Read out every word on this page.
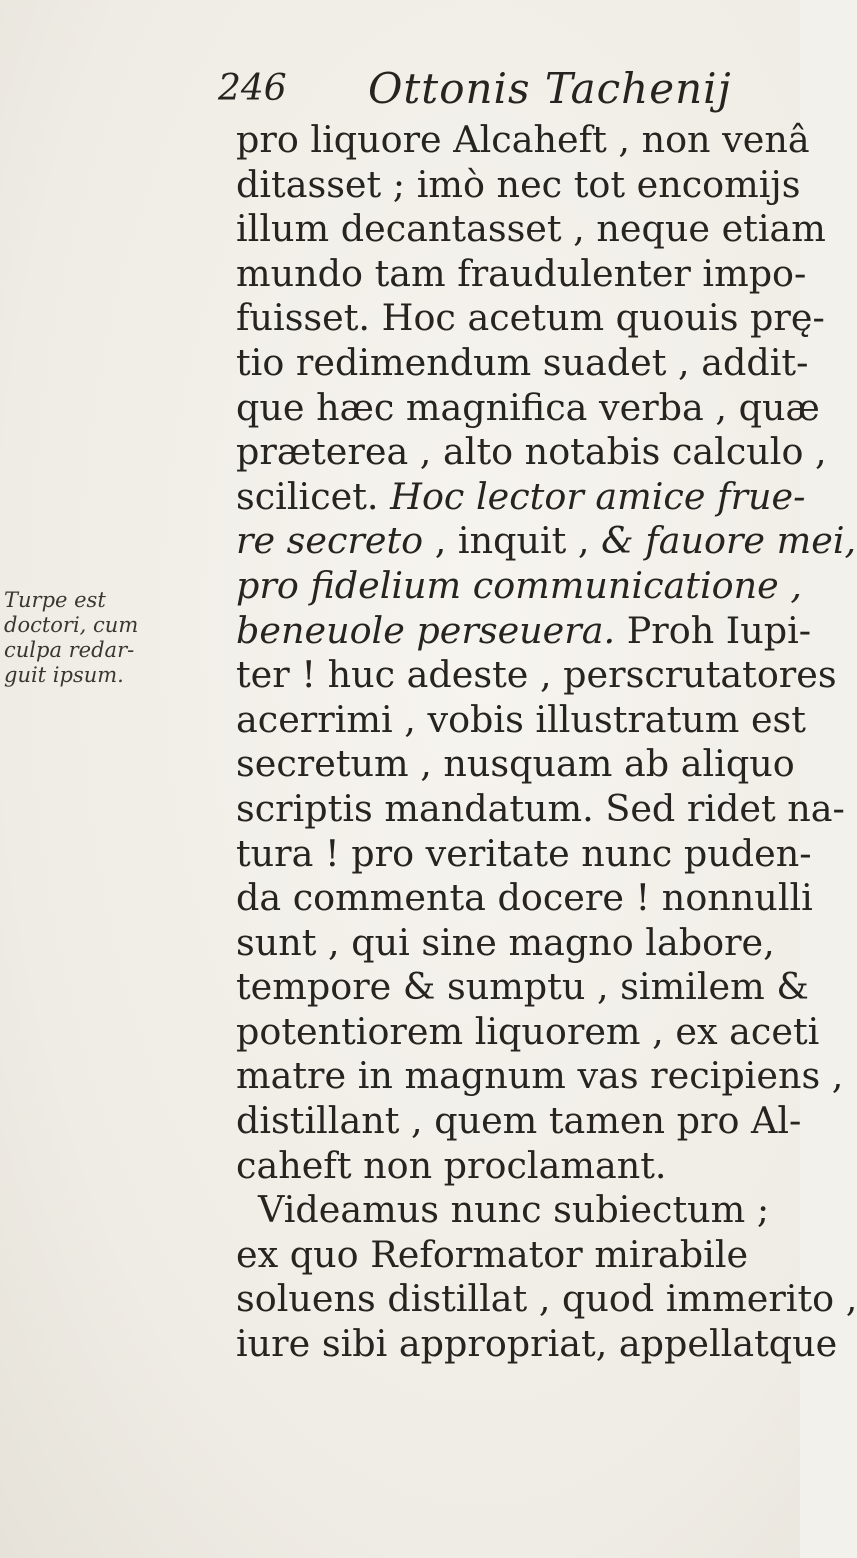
246 Ottonis Tachenij
Turpe est
doctori, cum
culpa redar-
guit ipsum.
pro liquore Alcaheft , non venâ
ditasset ; imò nec tot encomijs
illum decantasset , neque etiam
mundo tam fraudulenter impo-
fuisset. Hoc acetum quouis prę-
tio redimendum suadet , addit-
que hæc magnifica verba , quæ
præterea , alto notabis calculo ,
scilicet. Hoc lector amice frue-
re secreto , inquit , & fauore mei,
pro fidelium communicatione ,
beneuole perseuera. Proh Iupi-
ter ! huc adeste , perscrutatores
acerrimi , vobis illustratum est
secretum , nusquam ab aliquo
scriptis mandatum. Sed ridet na-
tura ! pro veritate nunc puden-
da commenta docere ! nonnulli
sunt , qui sine magno labore,
tempore & sumptu , similem &
potentiorem liquorem , ex aceti
matre in magnum vas recipiens ,
distillant , quem tamen pro Al-
caheft non proclamant.
Videamus nunc subiectum ;
ex quo Reformator mirabile
soluens distillat , quod immerito ,
iure sibi appropriat, appellatque
